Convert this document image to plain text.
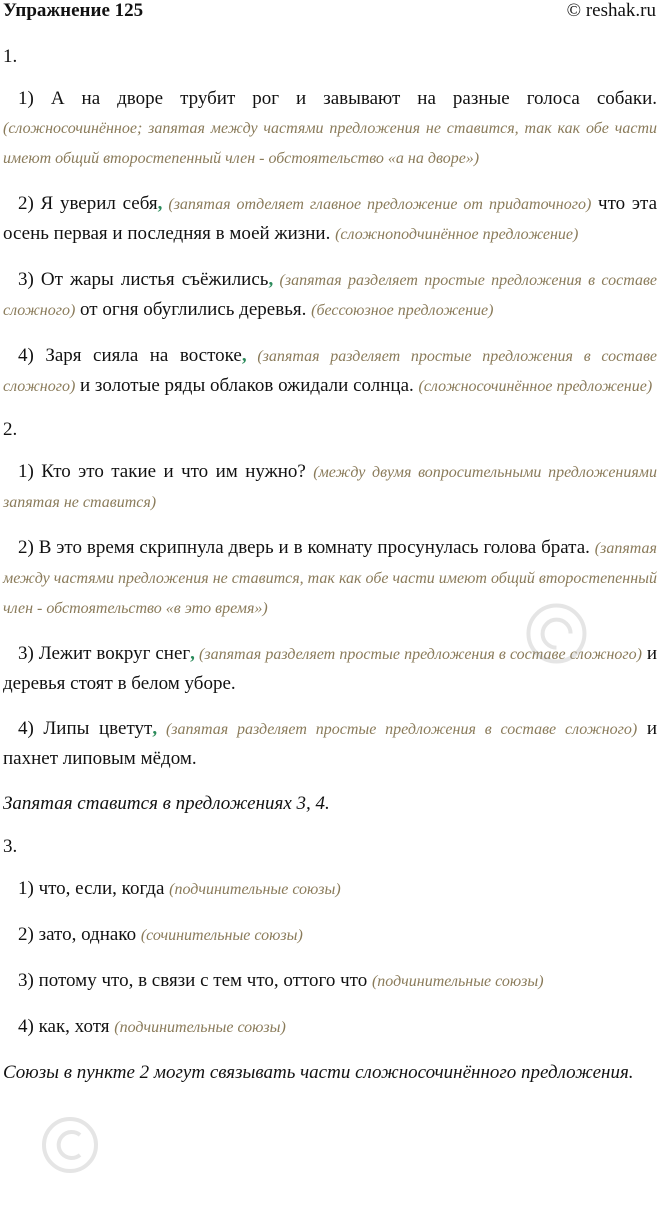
Упражнение 125	© reshak.ru
1.

1) А на дворе трубит рог и завывают на разные голоса собаки. (сложносочинённое; запятая между частями предложения не ставится, так как обе части имеют общий второстепенный член - обстоятельство «а на дворе»)

2) Я уверил себя, (запятая отделяет главное предложение от придаточного) что эта осень первая и последняя в моей жизни. (сложноподчинённое предложение)

3) От жары листья съёжились, (запятая разделяет простые предложения в составе сложного) от огня обуглились деревья. (бессоюзное предложение)

4) Заря сияла на востоке, (запятая разделяет простые предложения в составе сложного) и золотые ряды облаков ожидали солнца. (сложносочинённое предложение)

2.

1) Кто это такие и что им нужно? (между двумя вопросительными предложениями запятая не ставится)

2) В это время скрипнула дверь и в комнату просунулась голова брата. (запятая между частями предложения не ставится, так как обе части имеют общий второстепенный член - обстоятельство «в это время»)

3) Лежит вокруг снег, (запятая разделяет простые предложения в составе сложного) и деревья стоят в белом уборе.

4) Липы цветут, (запятая разделяет простые предложения в составе сложного) и пахнет липовым мёдом.

Запятая ставится в предложениях 3, 4.

3.

1) что, если, когда (подчинительные союзы)

2) зато, однако (сочинительные союзы)

3) потому что, в связи с тем что, оттого что (подчинительные союзы)

4) как, хотя (подчинительные союзы)

Союзы в пункте 2 могут связывать части сложносочинённого предложения.
